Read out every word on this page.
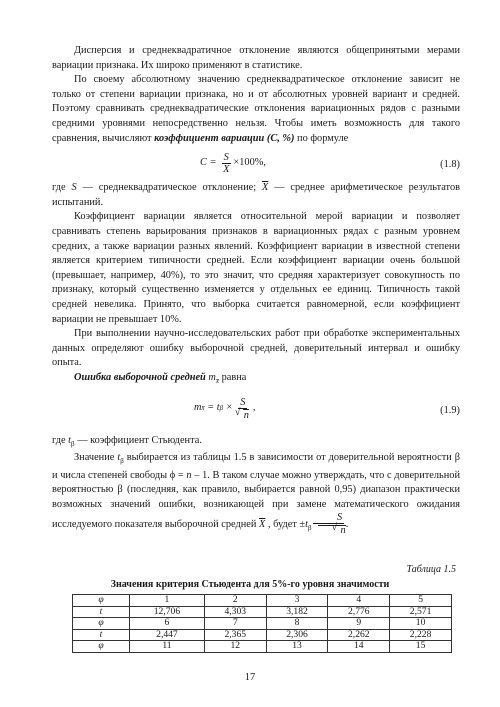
Дисперсия и среднеквадратичное отклонение являются общепринятыми мерами вариации признака. Их широко применяют в статистике.

По своему абсолютному значению среднеквадратическое отклонение зависит не только от степени вариации признака, но и от абсолютных уровней вариант и средней. Поэтому сравнивать среднеквадратические отклонения вариационных рядов с разными средними уровнями непосредственно нельзя. Чтобы иметь возможность для такого сравнения, вычисляют коэффициент вариации (С, %) по формуле

$C = \frac{S}{X} \times 100\%$,	(1.8)

где S — среднеквадратическое отклонение; $\overline{X}$ — среднее арифметическое результатов испытаний.

Коэффициент вариации является относительной мерой вариации и позволяет сравнивать степень варьирования признаков в вариационных рядах с разным уровнем средних, а также вариации разных явлений. Коэффициент вариации в известной степени является критерием типичности средней. Если коэффициент вариации очень большой (превышает, например, 40%), то это значит, что средняя характеризует совокупность по признаку, который существенно изменяется у отдельных ее единиц. Типичность такой средней невелика. Принято, что выборка считается равномерной, если коэффициент вариации не превышает 10%.

При выполнении научно-исследовательских работ при обработке экспериментальных данных определяют ошибку выборочной средней, доверительный интервал и ошибку опыта.

Ошибка выборочной средней $m_{x̄}$ равна

m x̄ = t β × S
√ n ,	(1.9)

где $t_\beta$ — коэффициент Стьюдента.

Значение $t_\beta$ выбирается из таблицы 1.5 в зависимости от доверительной вероятности β и числа степеней свободы ϕ = n – 1. В таком случае можно утверждать, что с доверительной вероятностью β (последняя, как правило, выбирается равной 0,95) диапазон практически возможных значений ошибки, возникающей при замене математического ожидания исследуемого показателя выборочной средней $\overline{X}$ , будет $\pm t_\beta$ S
√ n .

Таблица 1.5
Значения критерия Стьюдента для 5%-го уровня значимости
φ	1	2	3	4	5
t	12,706	4,303	3,182	2,776	2,571
φ	6	7	8	9	10
t	2,447	2,365	2,306	2,262	2,228
φ	11	12	13	14	15
17
